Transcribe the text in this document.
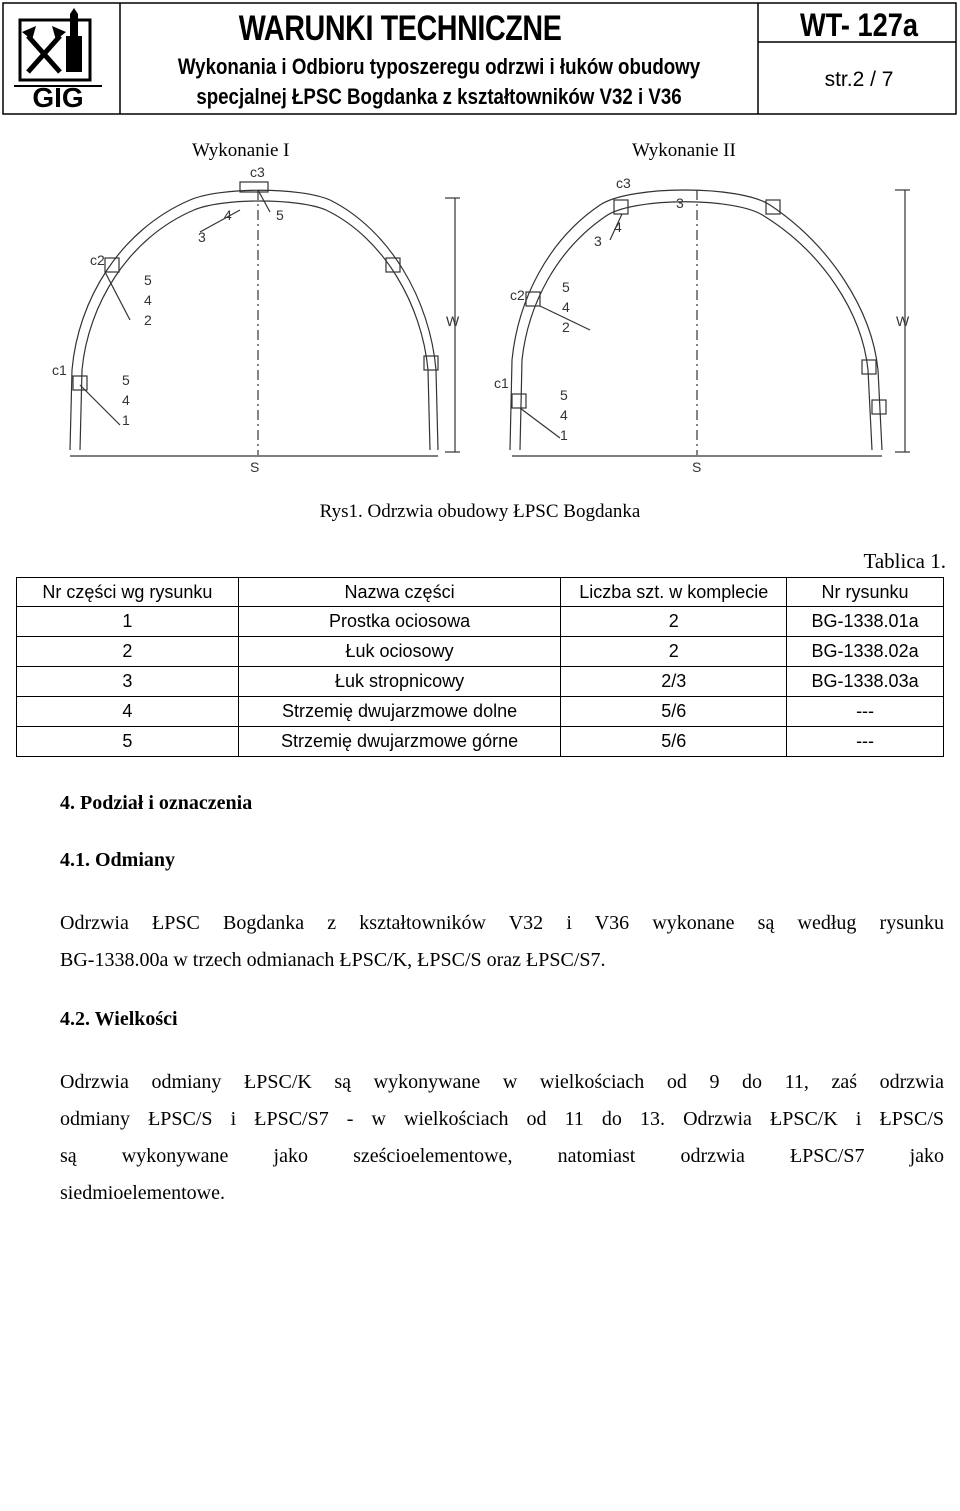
GIG
WARUNKI TECHNICZNE
Wykonania i Odbioru typoszeregu odrzwi i łuków obudowy
specjalnej ŁPSC Bogdanka z kształtowników V32 i V36
WT- 127a
str.2 / 7
Wykonanie I	Wykonanie II
c3
4	5
3
c2
5
4
2
c1
5
4
1
W
S
c3
3
4
3
c2	5
4
2
c1
5
4
1
W
S
Rys1. Odrzwia obudowy ŁPSC Bogdanka
Tablica 1.
Nr części wg rysunku	Nazwa części	Liczba szt. w komplecie	Nr rysunku
1	Prostka ociosowa	2	BG-1338.01a
2	Łuk ociosowy	2	BG-1338.02a
3	Łuk stropnicowy	2/3	BG-1338.03a
4	Strzemię dwujarzmowe dolne	5/6	---
5	Strzemię dwujarzmowe górne	5/6	---
4. Podział i oznaczenia
4.1. Odmiany
Odrzwia ŁPSC Bogdanka z kształtowników V32 i V36 wykonane są według rysunku
BG-1338.00a w trzech odmianach ŁPSC/K, ŁPSC/S oraz ŁPSC/S7.
4.2. Wielkości
Odrzwia odmiany ŁPSC/K są wykonywane w wielkościach od 9 do 11, zaś odrzwia
odmiany ŁPSC/S i ŁPSC/S7 - w wielkościach od 11 do 13. Odrzwia ŁPSC/K i ŁPSC/S
są wykonywane jako sześcioelementowe, natomiast odrzwia ŁPSC/S7 jako
siedmioelementowe.
